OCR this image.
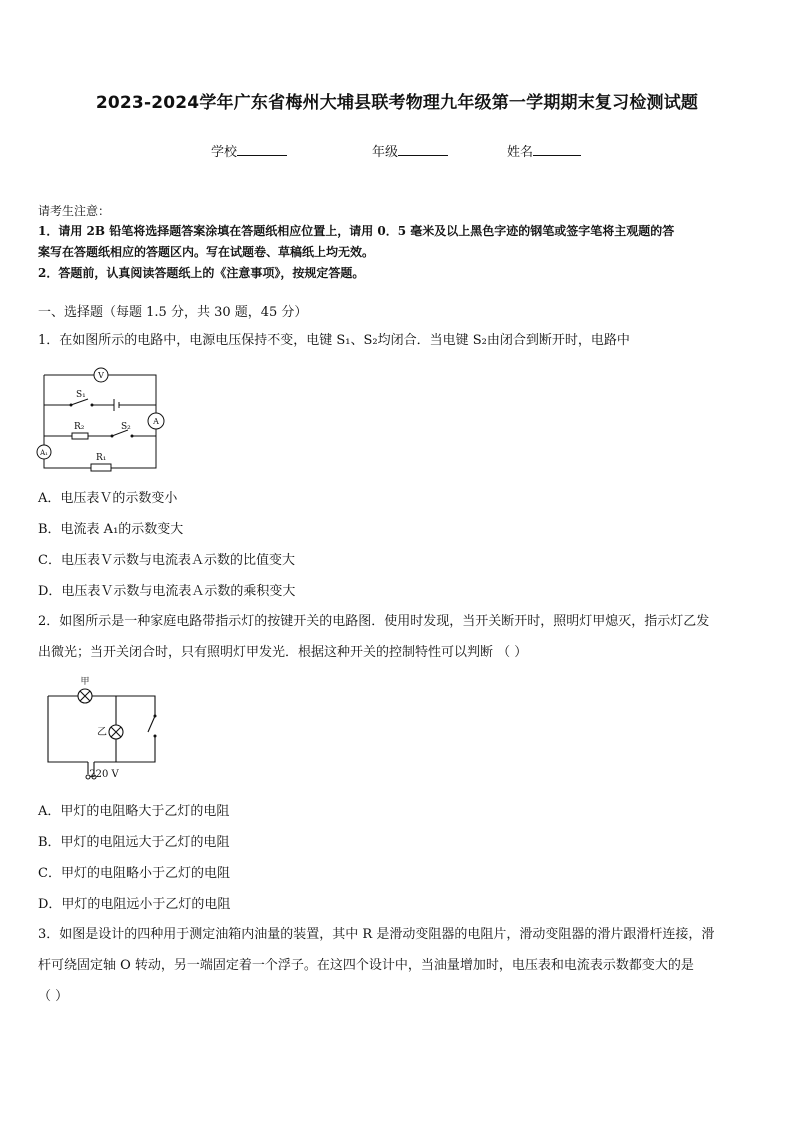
2023-2024学年广东省梅州大埔县联考物理九年级第一学期期末复习检测试题
学校	年级	姓名
请考生注意：
1．请用 2B 铅笔将选择题答案涂填在答题纸相应位置上，请用 0．5 毫米及以上黑色字迹的钢笔或签字笔将主观题的答
案写在答题纸相应的答题区内。写在试题卷、草稿纸上均无效。
2．答题前，认真阅读答题纸上的《注意事项》，按规定答题。
一、选择题（每题 1.5 分，共 30 题，45 分）
1．在如图所示的电路中，电源电压保持不变，电键 S₁、S₂均闭合．当电键 S₂由闭合到断开时，电路中
V
A
A₁
S₁
S₂
R₂
R₁
A．电压表Ｖ的示数变小
B．电流表 A₁的示数变大
C．电压表Ｖ示数与电流表Ａ示数的比值变大
D．电压表Ｖ示数与电流表Ａ示数的乘积变大
2．如图所示是一种家庭电路带指示灯的按键开关的电路图．使用时发现，当开关断开时，照明灯甲熄灭，指示灯乙发
出微光；当开关闭合时，只有照明灯甲发光．根据这种开关的控制特性可以判断 （ ）
甲
乙
220 V
A．甲灯的电阻略大于乙灯的电阻
B．甲灯的电阻远大于乙灯的电阻
C．甲灯的电阻略小于乙灯的电阻
D．甲灯的电阻远小于乙灯的电阻
3．如图是设计的四种用于测定油箱内油量的装置，其中 R 是滑动变阻器的电阻片，滑动变阻器的滑片跟滑杆连接，滑
杆可绕固定轴 O 转动，另一端固定着一个浮子。在这四个设计中，当油量增加时，电压表和电流表示数都变大的是
（ ）
